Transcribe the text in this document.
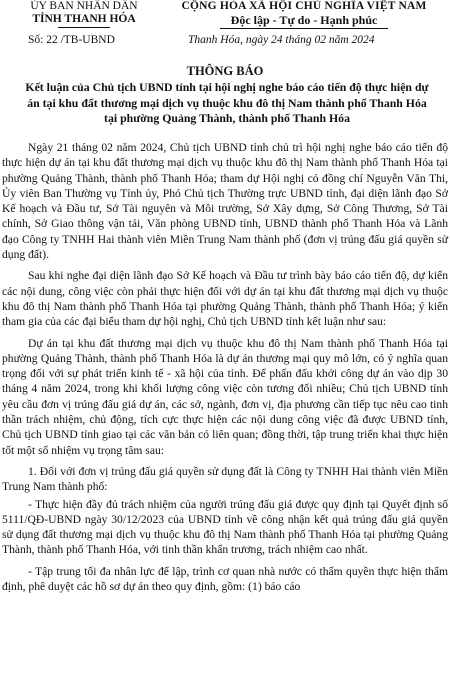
ỦY BAN NHÂN DÂN
TỈNH THANH HÓA
Số: 22 /TB-UBND
CỘNG HÒA XÃ HỘI CHỦ NGHĨA VIỆT NAM
Độc lập - Tự do - Hạnh phúc
Thanh Hóa, ngày 24 tháng 02 năm 2024
THÔNG BÁO
Kết luận của Chủ tịch UBND tỉnh tại hội nghị nghe báo cáo tiến độ thực hiện dự án tại khu đất thương mại dịch vụ thuộc khu đô thị Nam thành phố Thanh Hóa tại phường Quảng Thành, thành phố Thanh Hóa

Ngày 21 tháng 02 năm 2024, Chủ tịch UBND tỉnh chủ trì hội nghị nghe báo cáo tiến độ thực hiện dự án tại khu đất thương mại dịch vụ thuộc khu đô thị Nam thành phố Thanh Hóa tại phường Quảng Thành, thành phố Thanh Hóa; tham dự Hội nghị có đồng chí Nguyễn Văn Thi, Ủy viên Ban Thường vụ Tỉnh ủy, Phó Chủ tịch Thường trực UBND tỉnh, đại diện lãnh đạo Sở Kế hoạch và Đầu tư, Sở Tài nguyên và Môi trường, Sở Xây dựng, Sở Công Thương, Sở Tài chính, Sở Giao thông vận tải, Văn phòng UBND tỉnh, UBND thành phố Thanh Hóa và Lãnh đạo Công ty TNHH Hai thành viên Miền Trung Nam thành phố (đơn vị trúng đấu giá quyền sử dụng đất).

Sau khi nghe đại diện lãnh đạo Sở Kế hoạch và Đầu tư trình bày báo cáo tiến độ, dự kiến các nội dung, công việc còn phải thực hiện đối với dự án tại khu đất thương mại dịch vụ thuộc khu đô thị Nam thành phố Thanh Hóa tại phường Quảng Thành, thành phố Thanh Hóa; ý kiến tham gia của các đại biểu tham dự hội nghị, Chủ tịch UBND tỉnh kết luận như sau:

Dự án tại khu đất thương mại dịch vụ thuộc khu đô thị Nam thành phố Thanh Hóa tại phường Quảng Thành, thành phố Thanh Hóa là dự án thương mại quy mô lớn, có ý nghĩa quan trọng đối với sự phát triển kinh tế - xã hội của tỉnh. Để phấn đấu khởi công dự án vào dịp 30 tháng 4 năm 2024, trong khi khối lượng công việc còn tương đối nhiều; Chủ tịch UBND tỉnh yêu cầu đơn vị trúng đấu giá dự án, các sở, ngành, đơn vị, địa phương cần tiếp tục nêu cao tinh thần trách nhiệm, chủ động, tích cực thực hiện các nội dung công việc đã được UBND tỉnh, Chủ tịch UBND tỉnh giao tại các văn bản có liên quan; đồng thời, tập trung triển khai thực hiện tốt một số nhiệm vụ trọng tâm sau:

1. Đối với đơn vị trúng đấu giá quyền sử dụng đất là Công ty TNHH Hai thành viên Miền Trung Nam thành phố:

- Thực hiện đầy đủ trách nhiệm của người trúng đấu giá được quy định tại Quyết định số 5111/QĐ-UBND ngày 30/12/2023 của UBND tỉnh về công nhận kết quả trúng đấu giá quyền sử dụng đất thương mại dịch vụ thuộc khu đô thị Nam thành phố Thanh Hóa tại phường Quảng Thành, thành phố Thanh Hóa, với tinh thần khẩn trương, trách nhiệm cao nhất.

- Tập trung tối đa nhân lực để lập, trình cơ quan nhà nước có thẩm quyền thực hiện thẩm định, phê duyệt các hồ sơ dự án theo quy định, gồm: (1) báo cáo
